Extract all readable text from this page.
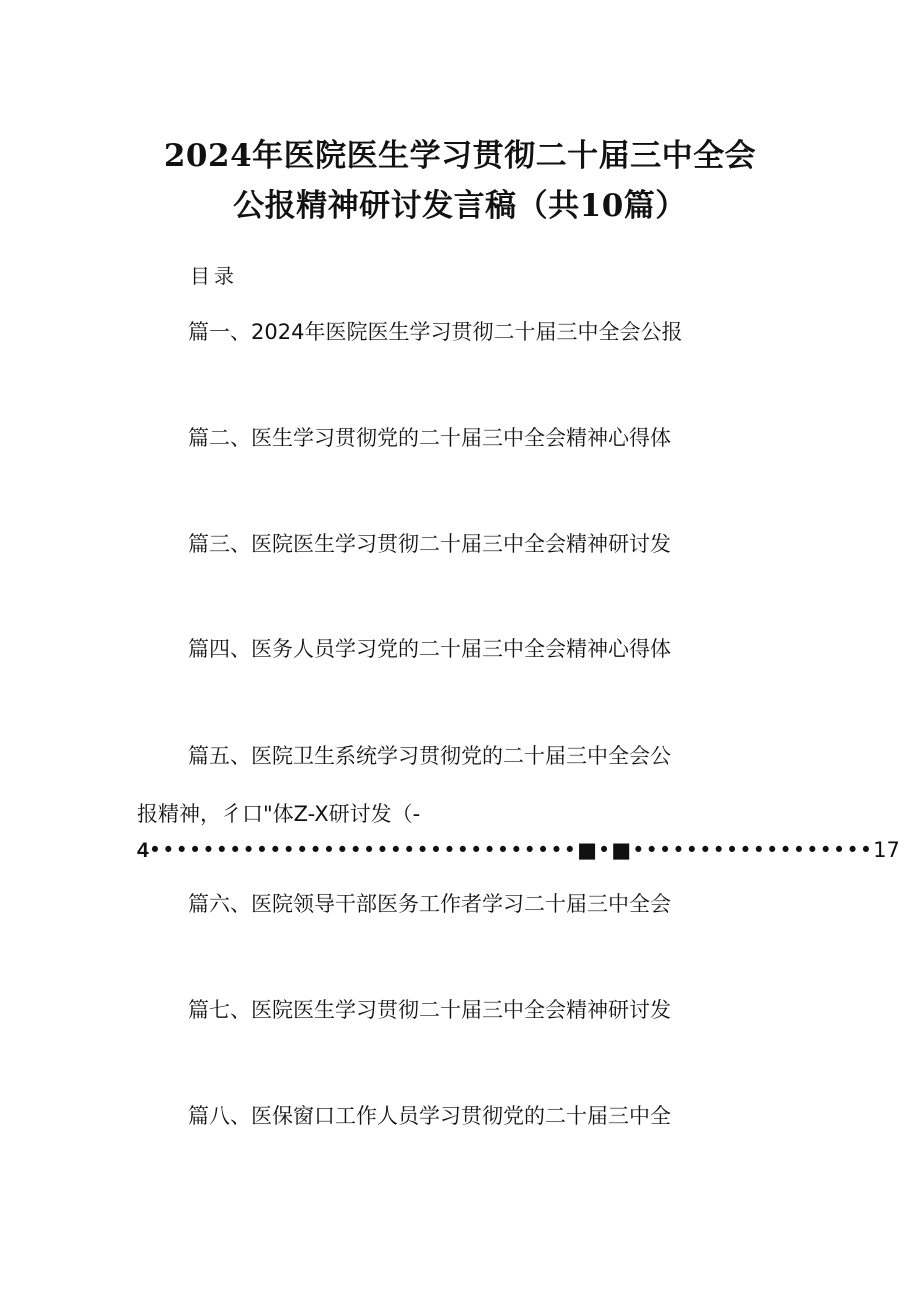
2024年医院医生学习贯彻二十届三中全会
公报精神研讨发言稿（共10篇）
目录
篇一、2024年医院医生学习贯彻二十届三中全会公报
篇二、医生学习贯彻党的二十届三中全会精神心得体
篇三、医院医生学习贯彻二十届三中全会精神研讨发
篇四、医务人员学习党的二十届三中全会精神心得体
篇五、医院卫生系统学习贯彻党的二十届三中全会公
报精神，彳口"体Z-X研讨发（-
4••••••••••••••••••••••••••••••••■•■••••••••••••••••••17
篇六、医院领导干部医务工作者学习二十届三中全会
篇七、医院医生学习贯彻二十届三中全会精神研讨发
篇八、医保窗口工作人员学习贯彻党的二十届三中全
